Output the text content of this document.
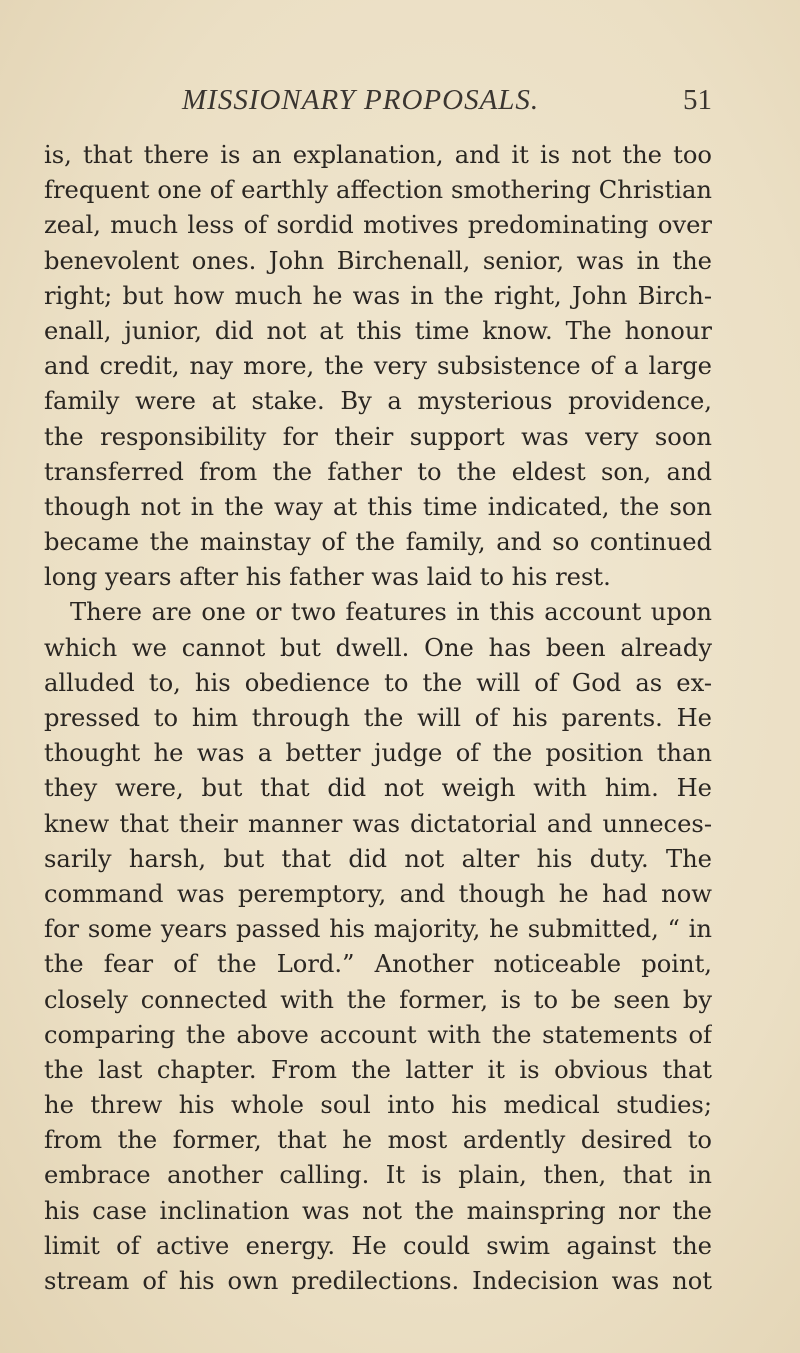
MISSIONARY PROPOSALS.	51
is, that there is an explanation, and it is not the too
frequent one of earthly affection smothering Christian
zeal, much less of sordid motives predominating over
benevolent ones. John Birchenall, senior, was in the
right; but how much he was in the right, John Birch-
enall, junior, did not at this time know. The honour
and credit, nay more, the very subsistence of a large
family were at stake. By a mysterious providence,
the responsibility for their support was very soon
transferred from the father to the eldest son, and
though not in the way at this time indicated, the son
became the mainstay of the family, and so continued
long years after his father was laid to his rest.
There are one or two features in this account upon
which we cannot but dwell. One has been already
alluded to, his obedience to the will of God as ex-
pressed to him through the will of his parents. He
thought he was a better judge of the position than
they were, but that did not weigh with him. He
knew that their manner was dictatorial and unneces-
sarily harsh, but that did not alter his duty. The
command was peremptory, and though he had now
for some years passed his majority, he submitted, “ in
the fear of the Lord.” Another noticeable point,
closely connected with the former, is to be seen by
comparing the above account with the statements of
the last chapter. From the latter it is obvious that
he threw his whole soul into his medical studies;
from the former, that he most ardently desired to
embrace another calling. It is plain, then, that in
his case inclination was not the mainspring nor the
limit of active energy. He could swim against the
stream of his own predilections. Indecision was not
